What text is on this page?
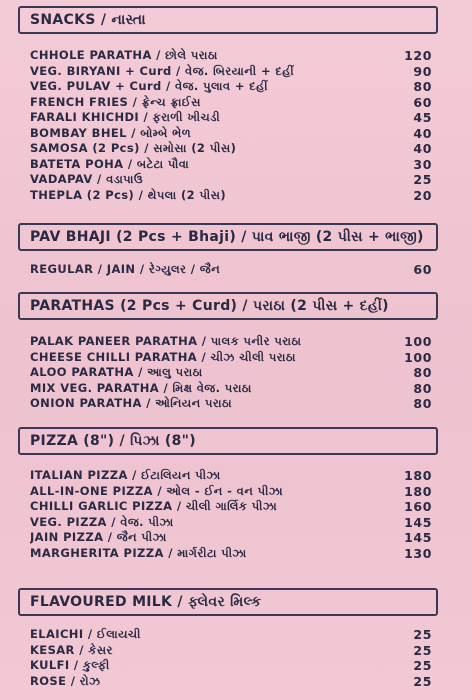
SNACKS / નાસ્તા
CHHOLE PARATHA / છોલે પરાઠા	120
VEG. BIRYANI + Curd / વેજ. બિરયાની + દહીં	90
VEG. PULAV + Curd / વેજ. પુલાવ + દહીં	80
FRENCH FRIES / ફ્રેન્ચ ફ્રાઈસ	60
FARALI KHICHDI / ફરાળી ખીચડી	45
BOMBAY BHEL / બોમ્બે ભેળ	40
SAMOSA (2 Pcs) / સમોસા (2 પીસ)	40
BATETA POHA / બટેટા પૌવા	30
VADAPAV / વડાપાઉં	25
THEPLA (2 Pcs) / થેપલા (2 પીસ)	20
PAV BHAJI (2 Pcs + Bhaji) / પાવ ભાજી (2 પીસ + ભાજી)
REGULAR / JAIN / રેગ્યુલર / જૈન	60
PARATHAS (2 Pcs + Curd) / પરાઠા (2 પીસ + દહીં)
PALAK PANEER PARATHA / પાલક પનીર પરાઠા	100
CHEESE CHILLI PARATHA / ચીઝ ચીલી પરાઠા	100
ALOO PARATHA / આલુ પરાઠા	80
MIX VEG. PARATHA / મિક્ષ વેજ. પરાઠા	80
ONION PARATHA / ઓનિયન પરાઠા	80
PIZZA (8") / પિઝા (8")
ITALIAN PIZZA / ઈટાલિયન પીઝા	180
ALL-IN-ONE PIZZA / ઓલ - ઈન - વન પીઝા	180
CHILLI GARLIC PIZZA / ચીલી ગાર્લિક પીઝા	160
VEG. PIZZA / વેજ. પીઝા	145
JAIN PIZZA / જૈન પીઝા	145
MARGHERITA PIZZA / માર્ગરીટા પીઝા	130
FLAVOURED MILK / ફ્લેવર મિલ્ક
ELAICHI / ઈલાયચી	25
KESAR / કેસર	25
KULFI / કુલ્ફી	25
ROSE / રોઝ	25
